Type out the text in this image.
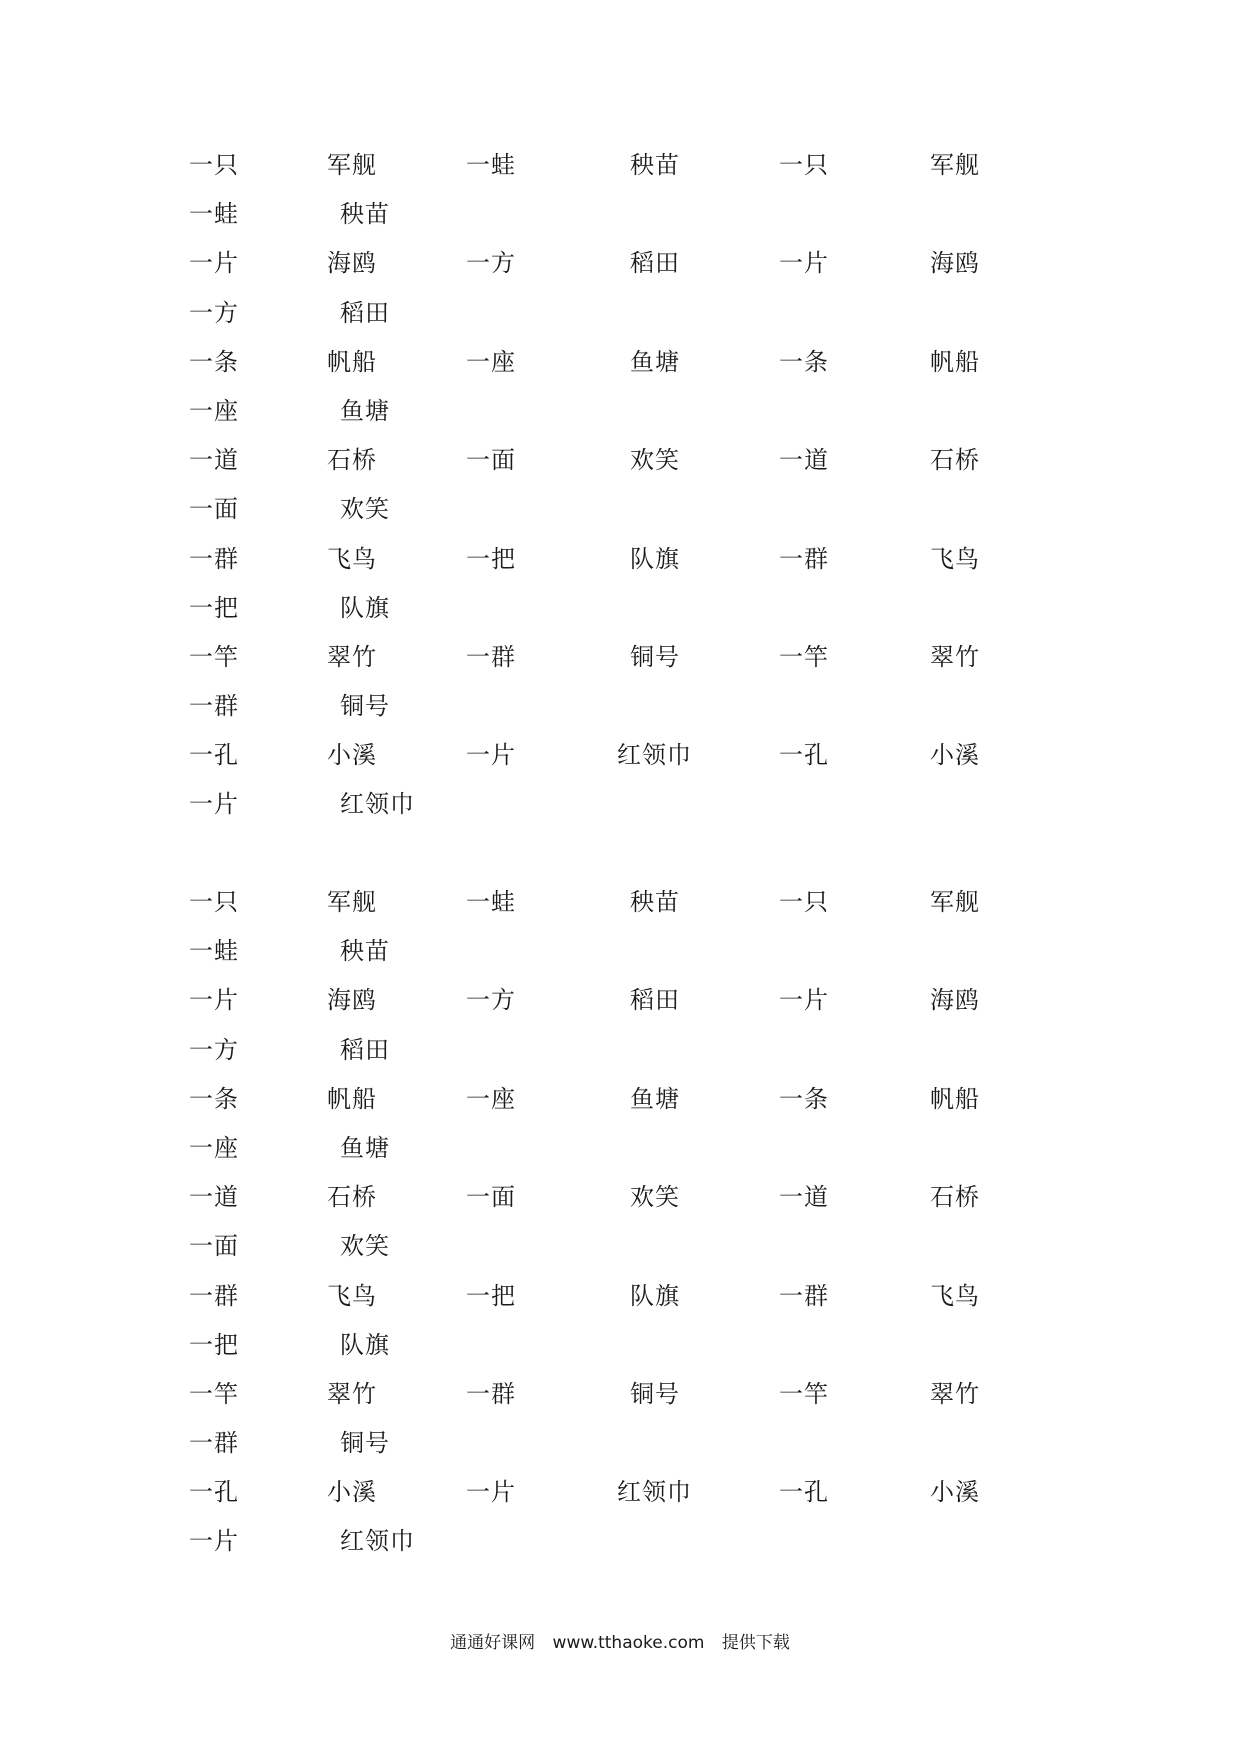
一只	军舰	一蛙	秧苗	一只	军舰
一蛙	秧苗
一片	海鸥	一方	稻田	一片	海鸥
一方	稻田
一条	帆船	一座	鱼塘	一条	帆船
一座	鱼塘
一道	石桥	一面	欢笑	一道	石桥
一面	欢笑
一群	飞鸟	一把	队旗	一群	飞鸟
一把	队旗
一竿	翠竹	一群	铜号	一竿	翠竹
一群	铜号
一孔	小溪	一片	红领巾	一孔	小溪
一片	红领巾
一只	军舰	一蛙	秧苗	一只	军舰
一蛙	秧苗
一片	海鸥	一方	稻田	一片	海鸥
一方	稻田
一条	帆船	一座	鱼塘	一条	帆船
一座	鱼塘
一道	石桥	一面	欢笑	一道	石桥
一面	欢笑
一群	飞鸟	一把	队旗	一群	飞鸟
一把	队旗
一竿	翠竹	一群	铜号	一竿	翠竹
一群	铜号
一孔	小溪	一片	红领巾	一孔	小溪
一片	红领巾
通通好课网 www.tthaoke.com 提供下载
